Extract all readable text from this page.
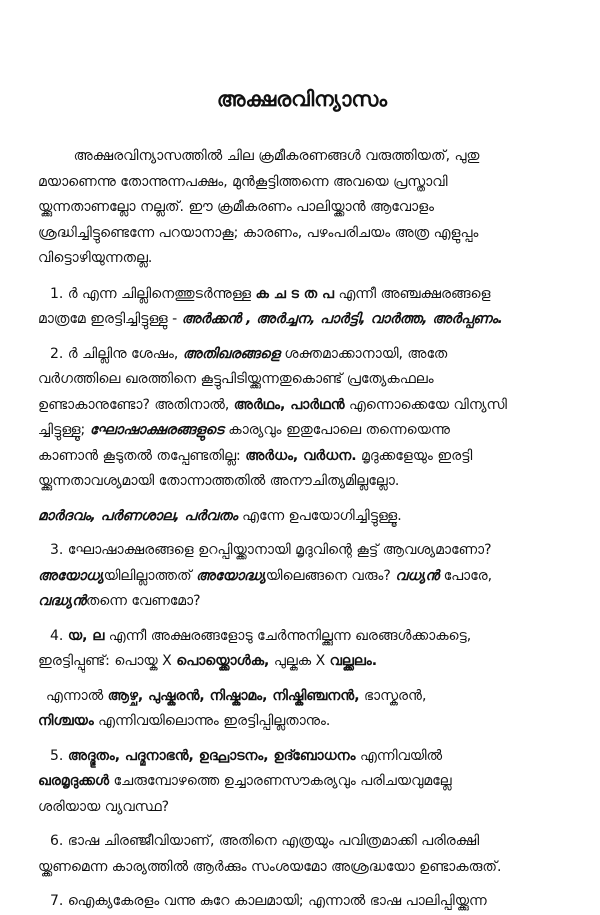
അക്ഷരവിന്യാസം
അക്ഷരവിന്യാസത്തിൽ ചില ക്രമീകരണങ്ങൾ വരുത്തിയത്, പുതു
മയാണെന്നു തോന്നുന്നപക്ഷം, മുൻകൂട്ടിത്തന്നെ അവയെ പ്രസ്താവി
യ്ക്കുന്നതാണല്ലോ നല്ലത്. ഈ ക്രമീകരണം പാലിയ്ക്കാൻ ആവോളം
ശ്രദ്ധിച്ചിട്ടുണ്ടെന്നേ പറയാനാകൂ; കാരണം, പഴംപരിചയം അത്ര എളുപ്പം
വിട്ടൊഴിയുന്നതല്ല.
1. ർ എന്ന ചില്ലിനെത്തുടർന്നുള്ള ക ച ട ത പ എന്നീ അഞ്ചക്ഷരങ്ങളെ
മാത്രമേ ഇരട്ടിച്ചിട്ടുള്ളു - അർക്കൻ , അർച്ചന, പാർട്ടി, വാർത്ത, അർപ്പണം.
2. ർ ചില്ലിനു ശേഷം, അതിഖരങ്ങളെ ശക്തമാക്കാനായി, അതേ
വർഗത്തിലെ ഖരത്തിനെ കൂട്ടുപിടിയ്ക്കുന്നതുകൊണ്ട് പ്രത്യേകഫലം
ഉണ്ടാകാനുണ്ടോ? അതിനാൽ, അർഥം, പാർഥൻ എന്നൊക്കെയേ വിന്യസി
ച്ചിട്ടുള്ളൂ; ഘോഷാക്ഷരങ്ങളുടെ കാര്യവും ഇതുപോലെ തന്നെയെന്നു
കാണാൻ കൂടുതൽ തപ്പേണ്ടതില്ല: അർധം, വർധന. മൃദുക്കളേയും ഇരട്ടി
യ്ക്കുന്നതാവശ്യമായി തോന്നാത്തതിൽ അനൗചിത്യമില്ലല്ലോ.
മാർദവം, പർണശാല, പർവതം എന്നേ ഉപയോഗിച്ചിട്ടുള്ളൂ.
3. ഘോഷാക്ഷരങ്ങളെ ഉറപ്പിയ്ക്കാനായി മൃദുവിന്റെ കൂട്ട് ആവശ്യമാണോ?
അയോധ്യയിലില്ലാത്തത് അയോദ്ധ്യയിലെങ്ങനെ വരും? വധ്യൻ പോരേ,
വദ്ധ്യൻതന്നെ വേണമോ?
4. യ, ല എന്നീ അക്ഷരങ്ങളോടു ചേർന്നുനില്ക്കുന്ന ഖരങ്ങൾക്കാകട്ടെ,
ഇരട്ടിപ്പുണ്ട്: പൊയ്ക X പൊയ്ക്കൊൾക, പുല്കുക X വല്ക്കലം.
എന്നാൽ ആഴ്ച, പുഷ്കരൻ, നിഷ്കാമം, നിഷ്കിഞ്ചനൻ, ഭാസ്കരൻ,
നിശ്ചയം എന്നിവയിലൊന്നും ഇരട്ടിപ്പില്ലതാനും.
5. അദ്ഭുതം, പദ്മനാഭൻ, ഉദ്ഘാടനം, ഉദ്ബോധനം എന്നിവയിൽ
ഖരമൃദുക്കൾ ചേരുമ്പോഴത്തെ ഉച്ചാരണസൗകര്യവും പരിചയവുമല്ലേ
ശരിയായ വ്യവസ്ഥ?
6. ഭാഷ ചിരഞ്ജീവിയാണ്, അതിനെ എത്രയും പവിത്രമാക്കി പരിരക്ഷി
യ്ക്കണമെന്ന കാര്യത്തിൽ ആർക്കും സംശയമോ അശ്രദ്ധയോ ഉണ്ടാകരുത്.
7. ഐക്യകേരളം വന്നു കുറേ കാലമായി; എന്നാൽ ഭാഷ പാലിപ്പിയ്ക്കുന്ന
